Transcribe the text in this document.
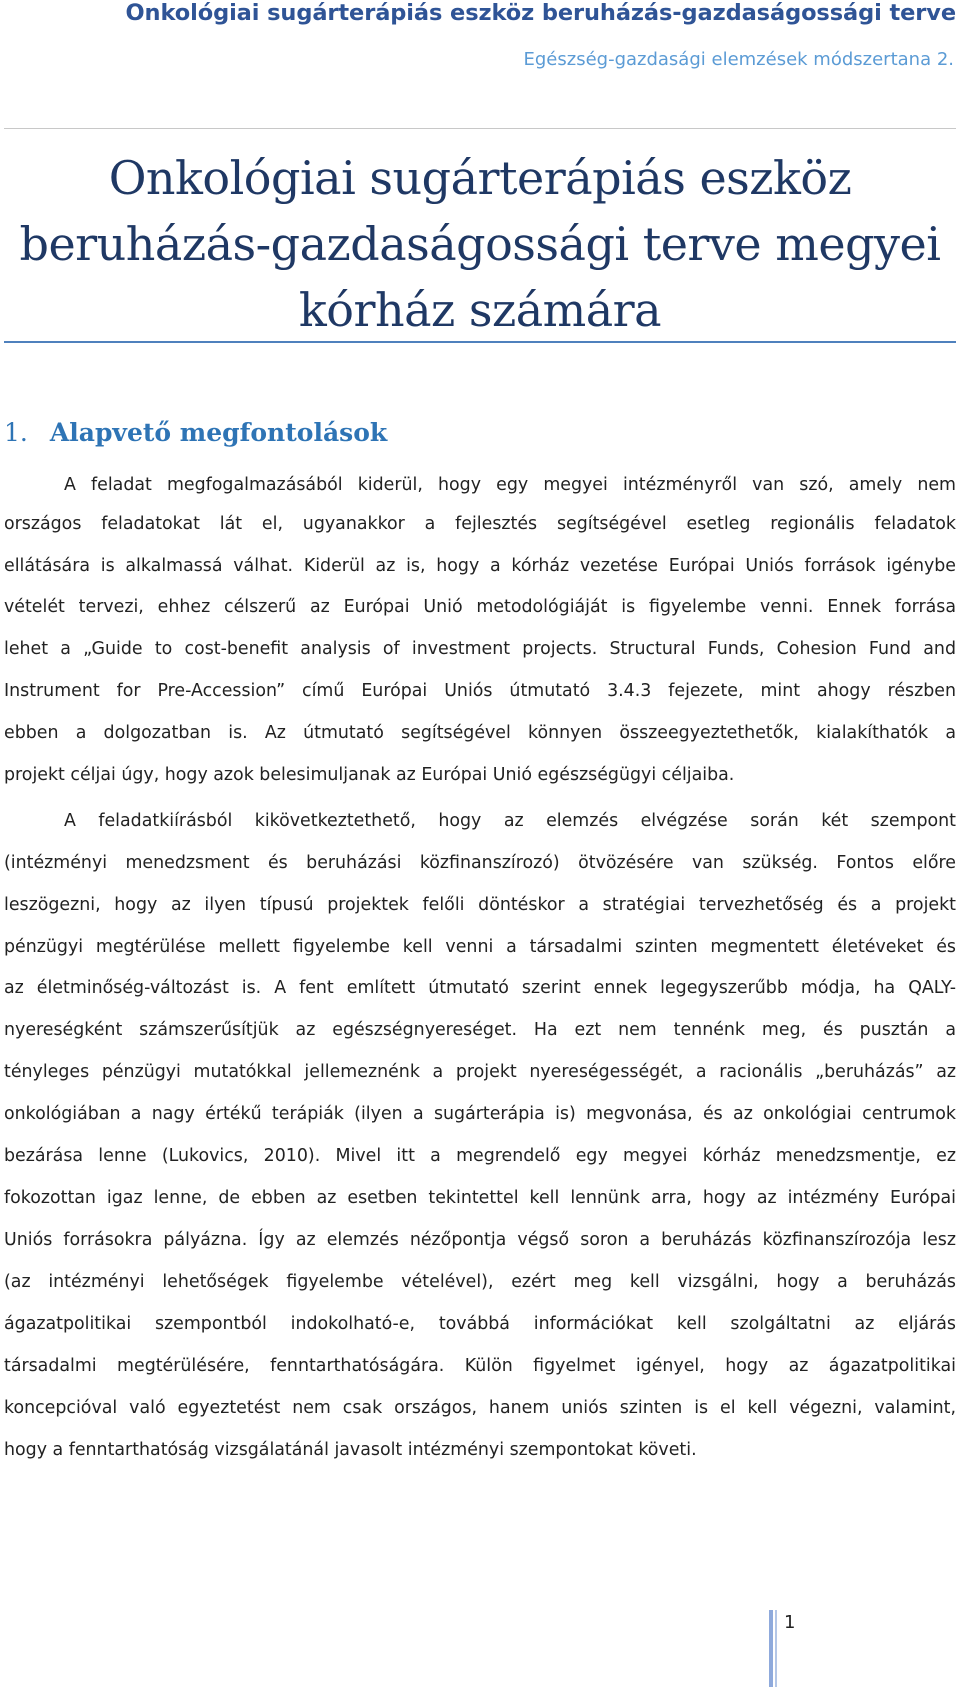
Onkológiai sugárterápiás eszköz beruházás-gazdaságossági terve
Egészség-gazdasági elemzések módszertana 2.
Onkológiai sugárterápiás eszköz
beruházás-gazdaságossági terve megyei
kórház számára
1. Alapvető megfontolások
A feladat megfogalmazásából kiderül, hogy egy megyei intézményről van szó, amely nem
országos feladatokat lát el, ugyanakkor a fejlesztés segítségével esetleg regionális feladatok
ellátására is alkalmassá válhat. Kiderül az is, hogy a kórház vezetése Európai Uniós források igénybe
vételét tervezi, ehhez célszerű az Európai Unió metodológiáját is figyelembe venni. Ennek forrása
lehet a „Guide to cost-benefit analysis of investment projects. Structural Funds, Cohesion Fund and
Instrument for Pre-Accession” című Európai Uniós útmutató 3.4.3 fejezete, mint ahogy részben
ebben a dolgozatban is. Az útmutató segítségével könnyen összeegyeztethetők, kialakíthatók a
projekt céljai úgy, hogy azok belesimuljanak az Európai Unió egészségügyi céljaiba.
A feladatkiírásból kikövetkeztethető, hogy az elemzés elvégzése során két szempont
(intézményi menedzsment és beruházási közfinanszírozó) ötvözésére van szükség. Fontos előre
leszögezni, hogy az ilyen típusú projektek felőli döntéskor a stratégiai tervezhetőség és a projekt
pénzügyi megtérülése mellett figyelembe kell venni a társadalmi szinten megmentett életéveket és
az életminőség-változást is. A fent említett útmutató szerint ennek legegyszerűbb módja, ha QALY-
nyereségként számszerűsítjük az egészségnyereséget. Ha ezt nem tennénk meg, és pusztán a
tényleges pénzügyi mutatókkal jellemeznénk a projekt nyereségességét, a racionális „beruházás” az
onkológiában a nagy értékű terápiák (ilyen a sugárterápia is) megvonása, és az onkológiai centrumok
bezárása lenne (Lukovics, 2010). Mivel itt a megrendelő egy megyei kórház menedzsmentje, ez
fokozottan igaz lenne, de ebben az esetben tekintettel kell lennünk arra, hogy az intézmény Európai
Uniós forrásokra pályázna. Így az elemzés nézőpontja végső soron a beruházás közfinanszírozója lesz
(az intézményi lehetőségek figyelembe vételével), ezért meg kell vizsgálni, hogy a beruházás
ágazatpolitikai szempontból indokolható-e, továbbá információkat kell szolgáltatni az eljárás
társadalmi megtérülésére, fenntarthatóságára. Külön figyelmet igényel, hogy az ágazatpolitikai
koncepcióval való egyeztetést nem csak országos, hanem uniós szinten is el kell végezni, valamint,
hogy a fenntarthatóság vizsgálatánál javasolt intézményi szempontokat követi.
1
